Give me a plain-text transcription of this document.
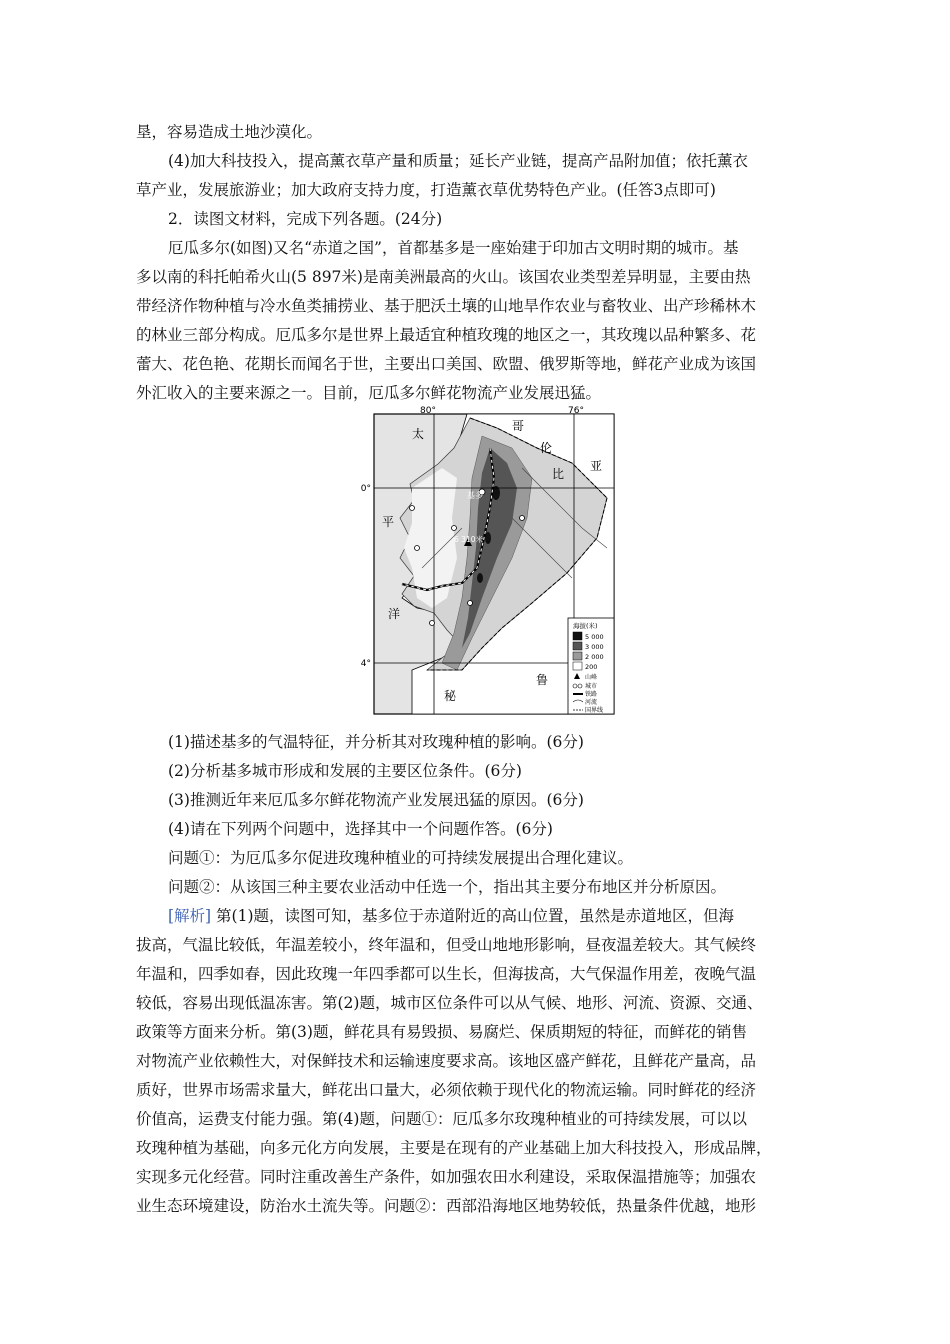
垦，容易造成土地沙漠化。
(4)加大科技投入，提高薰衣草产量和质量；延长产业链，提高产品附加值；依托薰衣
草产业，发展旅游业；加大政府支持力度，打造薰衣草优势特色产业。(任答3点即可)
2．读图文材料，完成下列各题。(24分)
厄瓜多尔(如图)又名“赤道之国”，首都基多是一座始建于印加古文明时期的城市。基
多以南的科托帕希火山(5 897米)是南美洲最高的火山。该国农业类型差异明显，主要由热
带经济作物种植与冷水鱼类捕捞业、基于肥沃土壤的山地旱作农业与畜牧业、出产珍稀林木
的林业三部分构成。厄瓜多尔是世界上最适宜种植玫瑰的地区之一，其玫瑰以品种繁多、花
蕾大、花色艳、花期长而闻名于世，主要出口美国、欧盟、俄罗斯等地，鲜花产业成为该国
外汇收入的主要来源之一。目前，厄瓜多尔鲜花物流产业发展迅猛。
80°	76°
0°
4°
太
平
洋
哥
伦
比
亚
秘
鲁
基多
6 310米
海拔(米)
5 000
3 000
2 000
200
山峰
城市
铁路
河流
国界线
(1)描述基多的气温特征，并分析其对玫瑰种植的影响。(6分)
(2)分析基多城市形成和发展的主要区位条件。(6分)
(3)推测近年来厄瓜多尔鲜花物流产业发展迅猛的原因。(6分)
(4)请在下列两个问题中，选择其中一个问题作答。(6分)
问题①：为厄瓜多尔促进玫瑰种植业的可持续发展提出合理化建议。
问题②：从该国三种主要农业活动中任选一个，指出其主要分布地区并分析原因。
[解析] 第(1)题，读图可知，基多位于赤道附近的高山位置，虽然是赤道地区，但海
拔高，气温比较低，年温差较小，终年温和，但受山地地形影响，昼夜温差较大。其气候终
年温和，四季如春，因此玫瑰一年四季都可以生长，但海拔高，大气保温作用差，夜晚气温
较低，容易出现低温冻害。第(2)题，城市区位条件可以从气候、地形、河流、资源、交通、
政策等方面来分析。第(3)题，鲜花具有易毁损、易腐烂、保质期短的特征，而鲜花的销售
对物流产业依赖性大，对保鲜技术和运输速度要求高。该地区盛产鲜花，且鲜花产量高，品
质好，世界市场需求量大，鲜花出口量大，必须依赖于现代化的物流运输。同时鲜花的经济
价值高，运费支付能力强。第(4)题，问题①：厄瓜多尔玫瑰种植业的可持续发展，可以以
玫瑰种植为基础，向多元化方向发展，主要是在现有的产业基础上加大科技投入，形成品牌，
实现多元化经营。同时注重改善生产条件，如加强农田水利建设，采取保温措施等；加强农
业生态环境建设，防治水土流失等。问题②：西部沿海地区地势较低，热量条件优越，地形
